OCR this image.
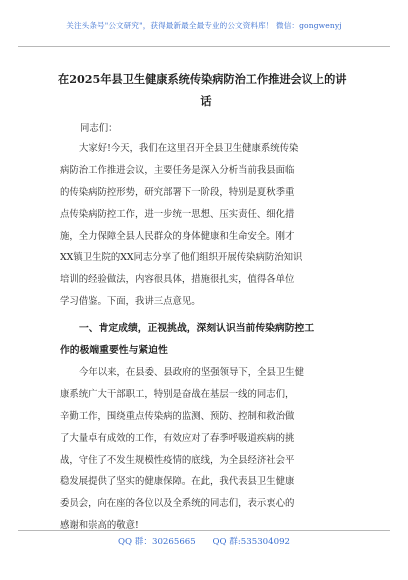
关注头条号"公文研究"，获得最新最全最专业的公文资料库！ 微信：gongwenyj
在2025年县卫生健康系统传染病防治工作推进会议上的讲
话
同志们：
大家好!今天，我们在这里召开全县卫生健康系统传染
病防治工作推进会议，主要任务是深入分析当前我县面临
的传染病防控形势，研究部署下一阶段，特别是夏秋季重
点传染病防控工作，进一步统一思想、压实责任、细化措
施，全力保障全县人民群众的身体健康和生命安全。刚才
XX镇卫生院的XX同志分享了他们组织开展传染病防治知识
培训的经验做法，内容很具体，措施很扎实，值得各单位
学习借鉴。下面，我讲三点意见。
一、肯定成绩，正视挑战，深刻认识当前传染病防控工
作的极端重要性与紧迫性
今年以来，在县委、县政府的坚强领导下，全县卫生健
康系统广大干部职工，特别是奋战在基层一线的同志们，
辛勤工作，围绕重点传染病的监测、预防、控制和救治做
了大量卓有成效的工作，有效应对了春季呼吸道疾病的挑
战，守住了不发生规模性疫情的底线，为全县经济社会平
稳发展提供了坚实的健康保障。在此，我代表县卫生健康
委员会，向在座的各位以及全系统的同志们，表示衷心的
感谢和崇高的敬意!
QQ 群：30265665 QQ 群:535304092
